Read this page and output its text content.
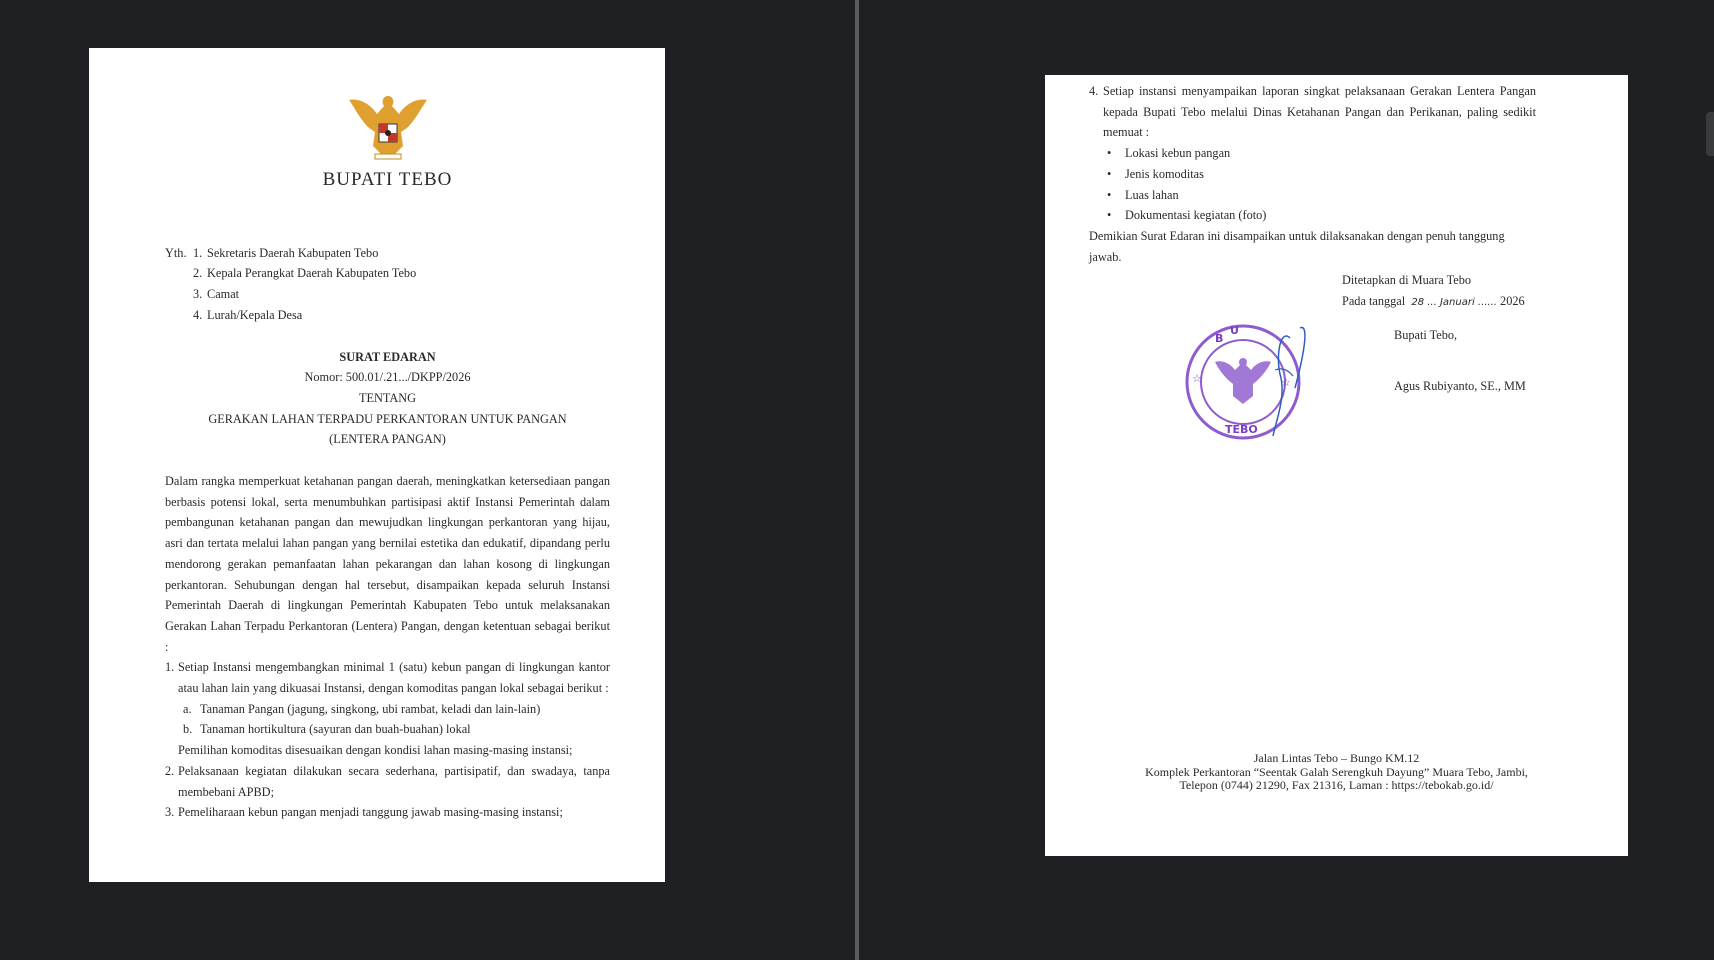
BUPATI TEBO
Yth. 1. Sekretaris Daerah Kabupaten Tebo
2. Kepala Perangkat Daerah Kabupaten Tebo
3. Camat
4. Lurah/Kepala Desa
SURAT EDARAN
Nomor: 500.01/.21.../DKPP/2026
TENTANG
GERAKAN LAHAN TERPADU PERKANTORAN UNTUK PANGAN
(LENTERA PANGAN)
Dalam rangka memperkuat ketahanan pangan daerah, meningkatkan ketersediaan pangan berbasis potensi lokal, serta menumbuhkan partisipasi aktif Instansi Pemerintah dalam pembangunan ketahanan pangan dan mewujudkan lingkungan perkantoran yang hijau, asri dan tertata melalui lahan pangan yang bernilai estetika dan edukatif, dipandang perlu mendorong gerakan pemanfaatan lahan pekarangan dan lahan kosong di lingkungan perkantoran. Sehubungan dengan hal tersebut, disampaikan kepada seluruh Instansi Pemerintah Daerah di lingkungan Pemerintah Kabupaten Tebo untuk melaksanakan Gerakan Lahan Terpadu Perkantoran (Lentera) Pangan, dengan ketentuan sebagai berikut :
1. Setiap Instansi mengembangkan minimal 1 (satu) kebun pangan di lingkungan kantor atau lahan lain yang dikuasai Instansi, dengan komoditas pangan lokal sebagai berikut :
a. Tanaman Pangan (jagung, singkong, ubi rambat, keladi dan lain-lain)
b. Tanaman hortikultura (sayuran dan buah-buahan) lokal
Pemilihan komoditas disesuaikan dengan kondisi lahan masing-masing instansi;
2. Pelaksanaan kegiatan dilakukan secara sederhana, partisipatif, dan swadaya, tanpa membebani APBD;
3. Pemeliharaan kebun pangan menjadi tanggung jawab masing-masing instansi;
4. Setiap instansi menyampaikan laporan singkat pelaksanaan Gerakan Lentera Pangan kepada Bupati Tebo melalui Dinas Ketahanan Pangan dan Perikanan, paling sedikit memuat :
•	Lokasi kebun pangan
•	Jenis komoditas
•	Luas lahan
•	Dokumentasi kegiatan (foto)
Demikian Surat Edaran ini disampaikan untuk dilaksanakan dengan penuh tanggung jawab.
Ditetapkan di Muara Tebo
Pada tanggal 28 ... Januari ...... 2026
Bupati Tebo,
Agus Rubiyanto, SE., MM
B
U
☆	☆
TEBO
Jalan Lintas Tebo – Bungo KM.12
Komplek Perkantoran “Seentak Galah Serengkuh Dayung” Muara Tebo, Jambi,
Telepon (0744) 21290, Fax 21316, Laman : https://tebokab.go.id/
